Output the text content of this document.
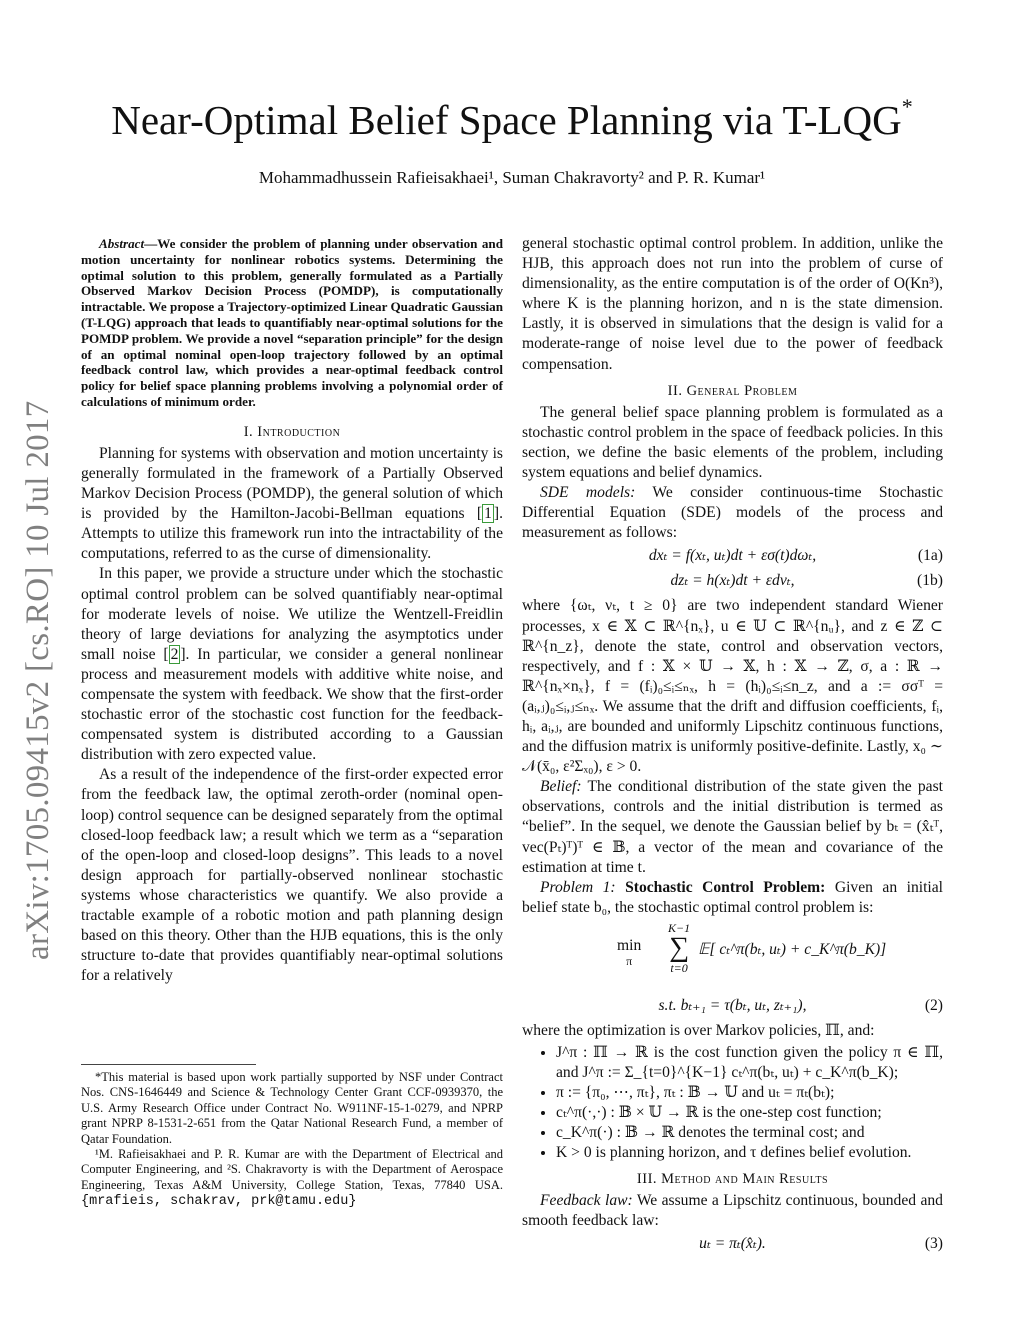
arXiv:1705.09415v2 [cs.RO] 10 Jul 2017
Near-Optimal Belief Space Planning via T-LQG*
Mohammadhussein Rafieisakhaei¹, Suman Chakravorty² and P. R. Kumar¹
Abstract—We consider the problem of planning under observation and motion uncertainty for nonlinear robotics systems. Determining the optimal solution to this problem, generally formulated as a Partially Observed Markov Decision Process (POMDP), is computationally intractable. We propose a Trajectory-optimized Linear Quadratic Gaussian (T-LQG) approach that leads to quantifiably near-optimal solutions for the POMDP problem. We provide a novel “separation principle” for the design of an optimal nominal open-loop trajectory followed by an optimal feedback control law, which provides a near-optimal feedback control policy for belief space planning problems involving a polynomial order of calculations of minimum order.
I. Introduction

Planning for systems with observation and motion uncertainty is generally formulated in the framework of a Partially Observed Markov Decision Process (POMDP), the general solution of which is provided by the Hamilton-Jacobi-Bellman equations [ 1 ]. Attempts to utilize this framework run into the intractability of the computations, referred to as the curse of dimensionality.

In this paper, we provide a structure under which the stochastic optimal control problem can be solved quantifiably near-optimal for moderate levels of noise. We utilize the Wentzell-Freidlin theory of large deviations for analyzing the asymptotics under small noise [ 2 ]. In particular, we consider a general nonlinear process and measurement models with additive white noise, and compensate the system with feedback. We show that the first-order stochastic error of the stochastic cost function for the feedback-compensated system is distributed according to a Gaussian distribution with zero expected value.

As a result of the independence of the first-order expected error from the feedback law, the optimal zeroth-order (nominal open-loop) control sequence can be designed separately from the optimal closed-loop feedback law; a result which we term as a “separation of the open-loop and closed-loop designs”. This leads to a novel design approach for partially-observed nonlinear stochastic systems whose characteristics we quantify. We also provide a tractable example of a robotic motion and path planning design based on this theory. Other than the HJB equations, this is the only structure to-date that provides quantifiably near-optimal solutions for a relatively

*This material is based upon work partially supported by NSF under Contract Nos. CNS-1646449 and Science & Technology Center Grant CCF-0939370, the U.S. Army Research Office under Contract No. W911NF-15-1-0279, and NPRP grant NPRP 8-1531-2-651 from the Qatar National Research Fund, a member of Qatar Foundation.

¹M. Rafieisakhaei and P. R. Kumar are with the Department of Electrical and Computer Engineering, and ²S. Chakravorty is with the Department of Aerospace Engineering, Texas A&M University, College Station, Texas, 77840 USA. {mrafieis, schakrav, prk@tamu.edu}

general stochastic optimal control problem. In addition, unlike the HJB, this approach does not run into the problem of curse of dimensionality, as the entire computation is of the order of O(Kn³), where K is the planning horizon, and n is the state dimension. Lastly, it is observed in simulations that the design is valid for a moderate-range of noise level due to the power of feedback compensation.

II. General Problem

The general belief space planning problem is formulated as a stochastic control problem in the space of feedback policies. In this section, we define the basic elements of the problem, including system equations and belief dynamics.

SDE models: We consider continuous-time Stochastic Differential Equation (SDE) models of the process and measurement as follows:

dxₜ = f(xₜ, uₜ)dt + εσ(t)dωₜ,	(1a)
dzₜ = h(xₜ)dt + εdνₜ,	(1b)

where {ωₜ, νₜ, t ≥ 0} are two independent standard Wiener processes, x ∈ 𝕏 ⊂ ℝ^{nₓ}, u ∈ 𝕌 ⊂ ℝ^{nᵤ}, and z ∈ ℤ ⊂ ℝ^{n_z}, denote the state, control and observation vectors, respectively, and f : 𝕏 × 𝕌 → 𝕏, h : 𝕏 → ℤ, σ, a : ℝ → ℝ^{nₓ×nₓ}, f = (fᵢ)₀≤ᵢ≤ₙₓ, h = (hᵢ)₀≤ᵢ≤n_z, and a := σσᵀ = (aᵢ,ⱼ)₀≤ᵢ,ⱼ≤ₙₓ. We assume that the drift and diffusion coefficients, fᵢ, hᵢ, aᵢ,ⱼ, are bounded and uniformly Lipschitz continuous functions, and the diffusion matrix is uniformly positive-definite. Lastly, x₀ ∼ 𝒩(x̄₀, ε²Σₓ₀), ε > 0.

Belief: The conditional distribution of the state given the past observations, controls and the initial distribution is termed as “belief”. In the sequel, we denote the Gaussian belief by bₜ = (x̂ₜᵀ, vec(Pₜ)ᵀ)ᵀ ∈ 𝔹, a vector of the mean and covariance of the estimation at time t.

Problem 1: Stochastic Control Problem: Given an initial belief state b₀, the stochastic optimal control problem is:

min
π
K−1
∑
t=0
𝔼[ cₜ^π(bₜ, uₜ) + c_K^π(b_K)]
s.t. bₜ₊₁ = τ(bₜ, uₜ, zₜ₊₁),	(2)

where the optimization is over Markov policies, ℿ, and:

• J^π : ℿ → ℝ is the cost function given the policy π ∈ ℿ, and J^π := Σ_{t=0}^{K−1} cₜ^π(bₜ, uₜ) + c_K^π(b_K);
• π := {π₀, ⋯, πₜ}, πₜ : 𝔹 → 𝕌 and uₜ = πₜ(bₜ);
• cₜ^π(·,·) : 𝔹 × 𝕌 → ℝ is the one-step cost function;
• c_K^π(·) : 𝔹 → ℝ denotes the terminal cost; and
• K > 0 is planning horizon, and τ defines belief evolution.
III. Method and Main Results

Feedback law: We assume a Lipschitz continuous, bounded and smooth feedback law:

uₜ = πₜ(x̂ₜ).	(3)
